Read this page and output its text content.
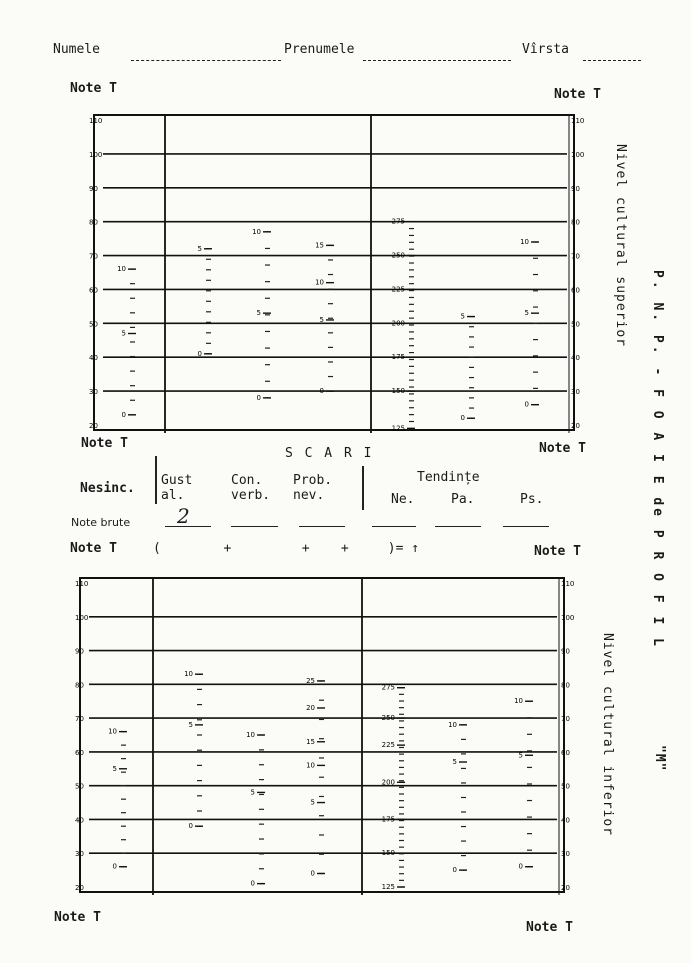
Numele	Prenumele	Vîrsta
Note T	Note T
110	110
100	100
90	90
80	80
70	70
60	60
50	50
40	40
30	30
20	20
10
5
0
5
0
10
5
0
15
10
5
0
275
250
225
200
175
150
125
5
0
10
5
0
Note T	Note T
S C A R I
Nesinc.
Gust
al.
Con.
verb.
Prob.
nev.
Tendințe
Ne.	Pa.	Ps.
Note brute 2
Note T	(        +         +    +     )= ↑	Note T
110	110
100	100
90	90
80	80
70	70
60	60
50	50
40	40
30	30
20	20
10
5
0
10
5
0
10
5
0
25
20
15
10
5
0
275
250
225
200
175
150
125
10
5
0
10
5
0
Note T
Note T
Nivel cultural superior
P. N. P. - F O A I E de P R O F I L
"M"
Nivel cultural inferior
